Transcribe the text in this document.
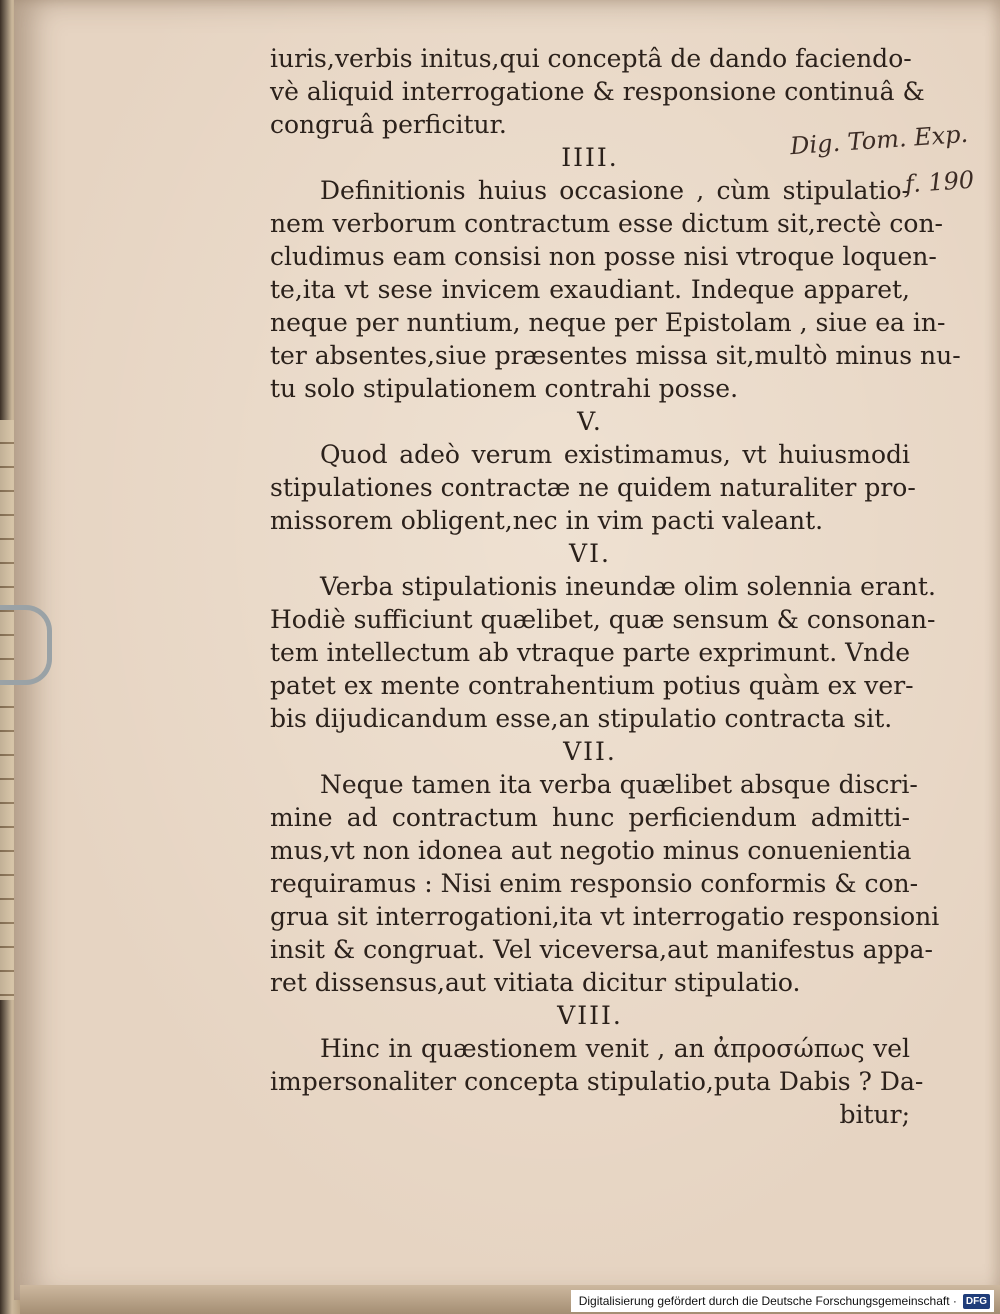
iuris,verbis initus,qui conceptâ de dando faciendo-
vè aliquid interrogatione & responsione continuâ &
congruâ perficitur.
IIII.
Definitionis huius occasione , cùm stipulatio-
nem verborum contractum esse dictum sit,rectè con-
cludimus eam consisi non posse nisi vtroque loquen-
te,ita vt sese invicem exaudiant. Indeque apparet,
neque per nuntium, neque per Epistolam , siue ea in-
ter absentes,siue præsentes missa sit,multò minus nu-
tu solo stipulationem contrahi posse.
V.
Quod adeò verum existimamus, vt huiusmodi
stipulationes contractæ ne quidem naturaliter pro-
missorem obligent,nec in vim pacti valeant.
VI.
Verba stipulationis ineundæ olim solennia erant.
Hodiè sufficiunt quælibet, quæ sensum & consonan-
tem intellectum ab vtraque parte exprimunt. Vnde
patet ex mente contrahentium potius quàm ex ver-
bis dijudicandum esse,an stipulatio contracta sit.
VII.
Neque tamen ita verba quælibet absque discri-
mine ad contractum hunc perficiendum admitti-
mus,vt non idonea aut negotio minus conuenientia
requiramus : Nisi enim responsio conformis & con-
grua sit interrogationi,ita vt interrogatio responsioni
insit & congruat. Vel viceversa,aut manifestus appa-
ret dissensus,aut vitiata dicitur stipulatio.
VIII.
Hinc in quæstionem venit , an ἀπροσώπως vel
impersonaliter concepta stipulatio,puta Dabis ? Da-
bitur;
Dig. Tom. Exp.
f. 190
Digitalisierung gefördert durch die Deutsche Forschungsgemeinschaft · DFG
